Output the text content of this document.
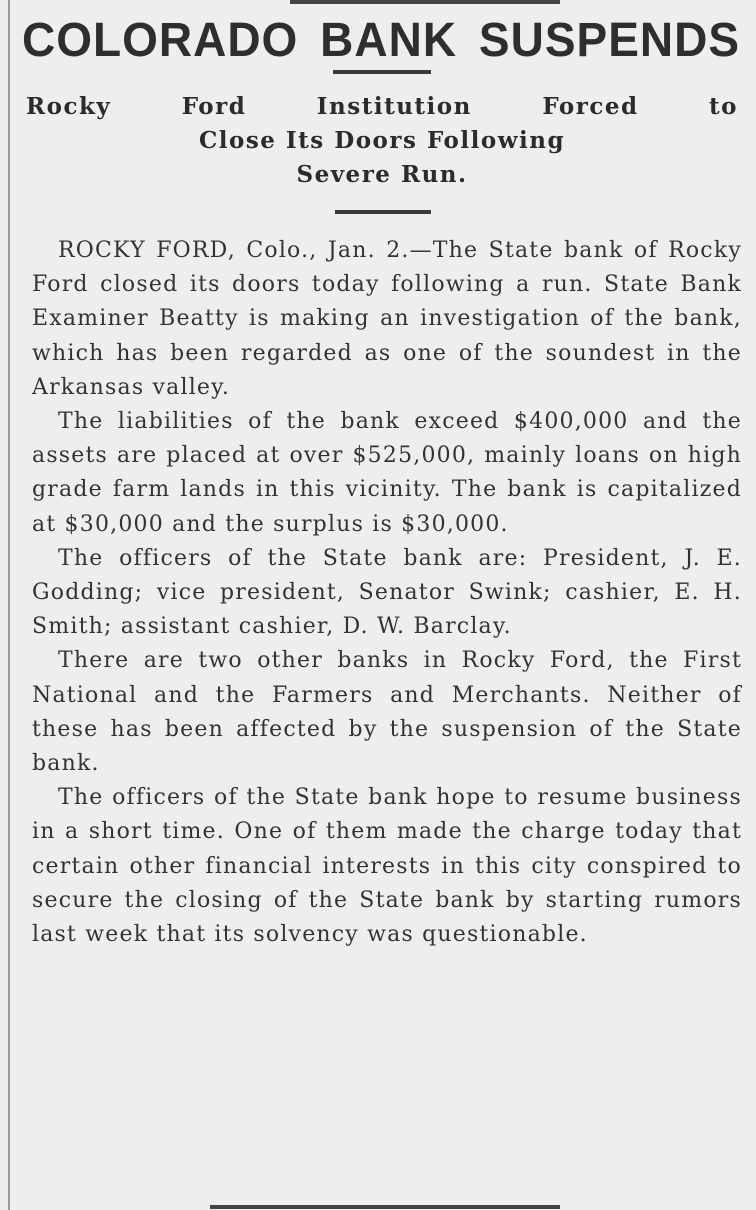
COLORADO BANK SUSPENDS
Rocky Ford Institution Forced to
Close Its Doors Following
Severe Run.

ROCKY FORD, Colo., Jan. 2.—The State bank of Rocky Ford closed its doors today following a run. State Bank Examiner Beatty is making an investigation of the bank, which has been regarded as one of the soundest in the Arkansas valley.

The liabilities of the bank exceed $400,000 and the assets are placed at over $525,000, mainly loans on high grade farm lands in this vicinity. The bank is capitalized at $30,000 and the surplus is $30,000.

The officers of the State bank are: President, J. E. Godding; vice president, Senator Swink; cashier, E. H. Smith; assistant cashier, D. W. Barclay.

There are two other banks in Rocky Ford, the First National and the Farmers and Merchants. Neither of these has been affected by the suspension of the State bank.

The officers of the State bank hope to resume business in a short time. One of them made the charge today that certain other financial interests in this city conspired to secure the closing of the State bank by starting rumors last week that its solvency was questionable.
